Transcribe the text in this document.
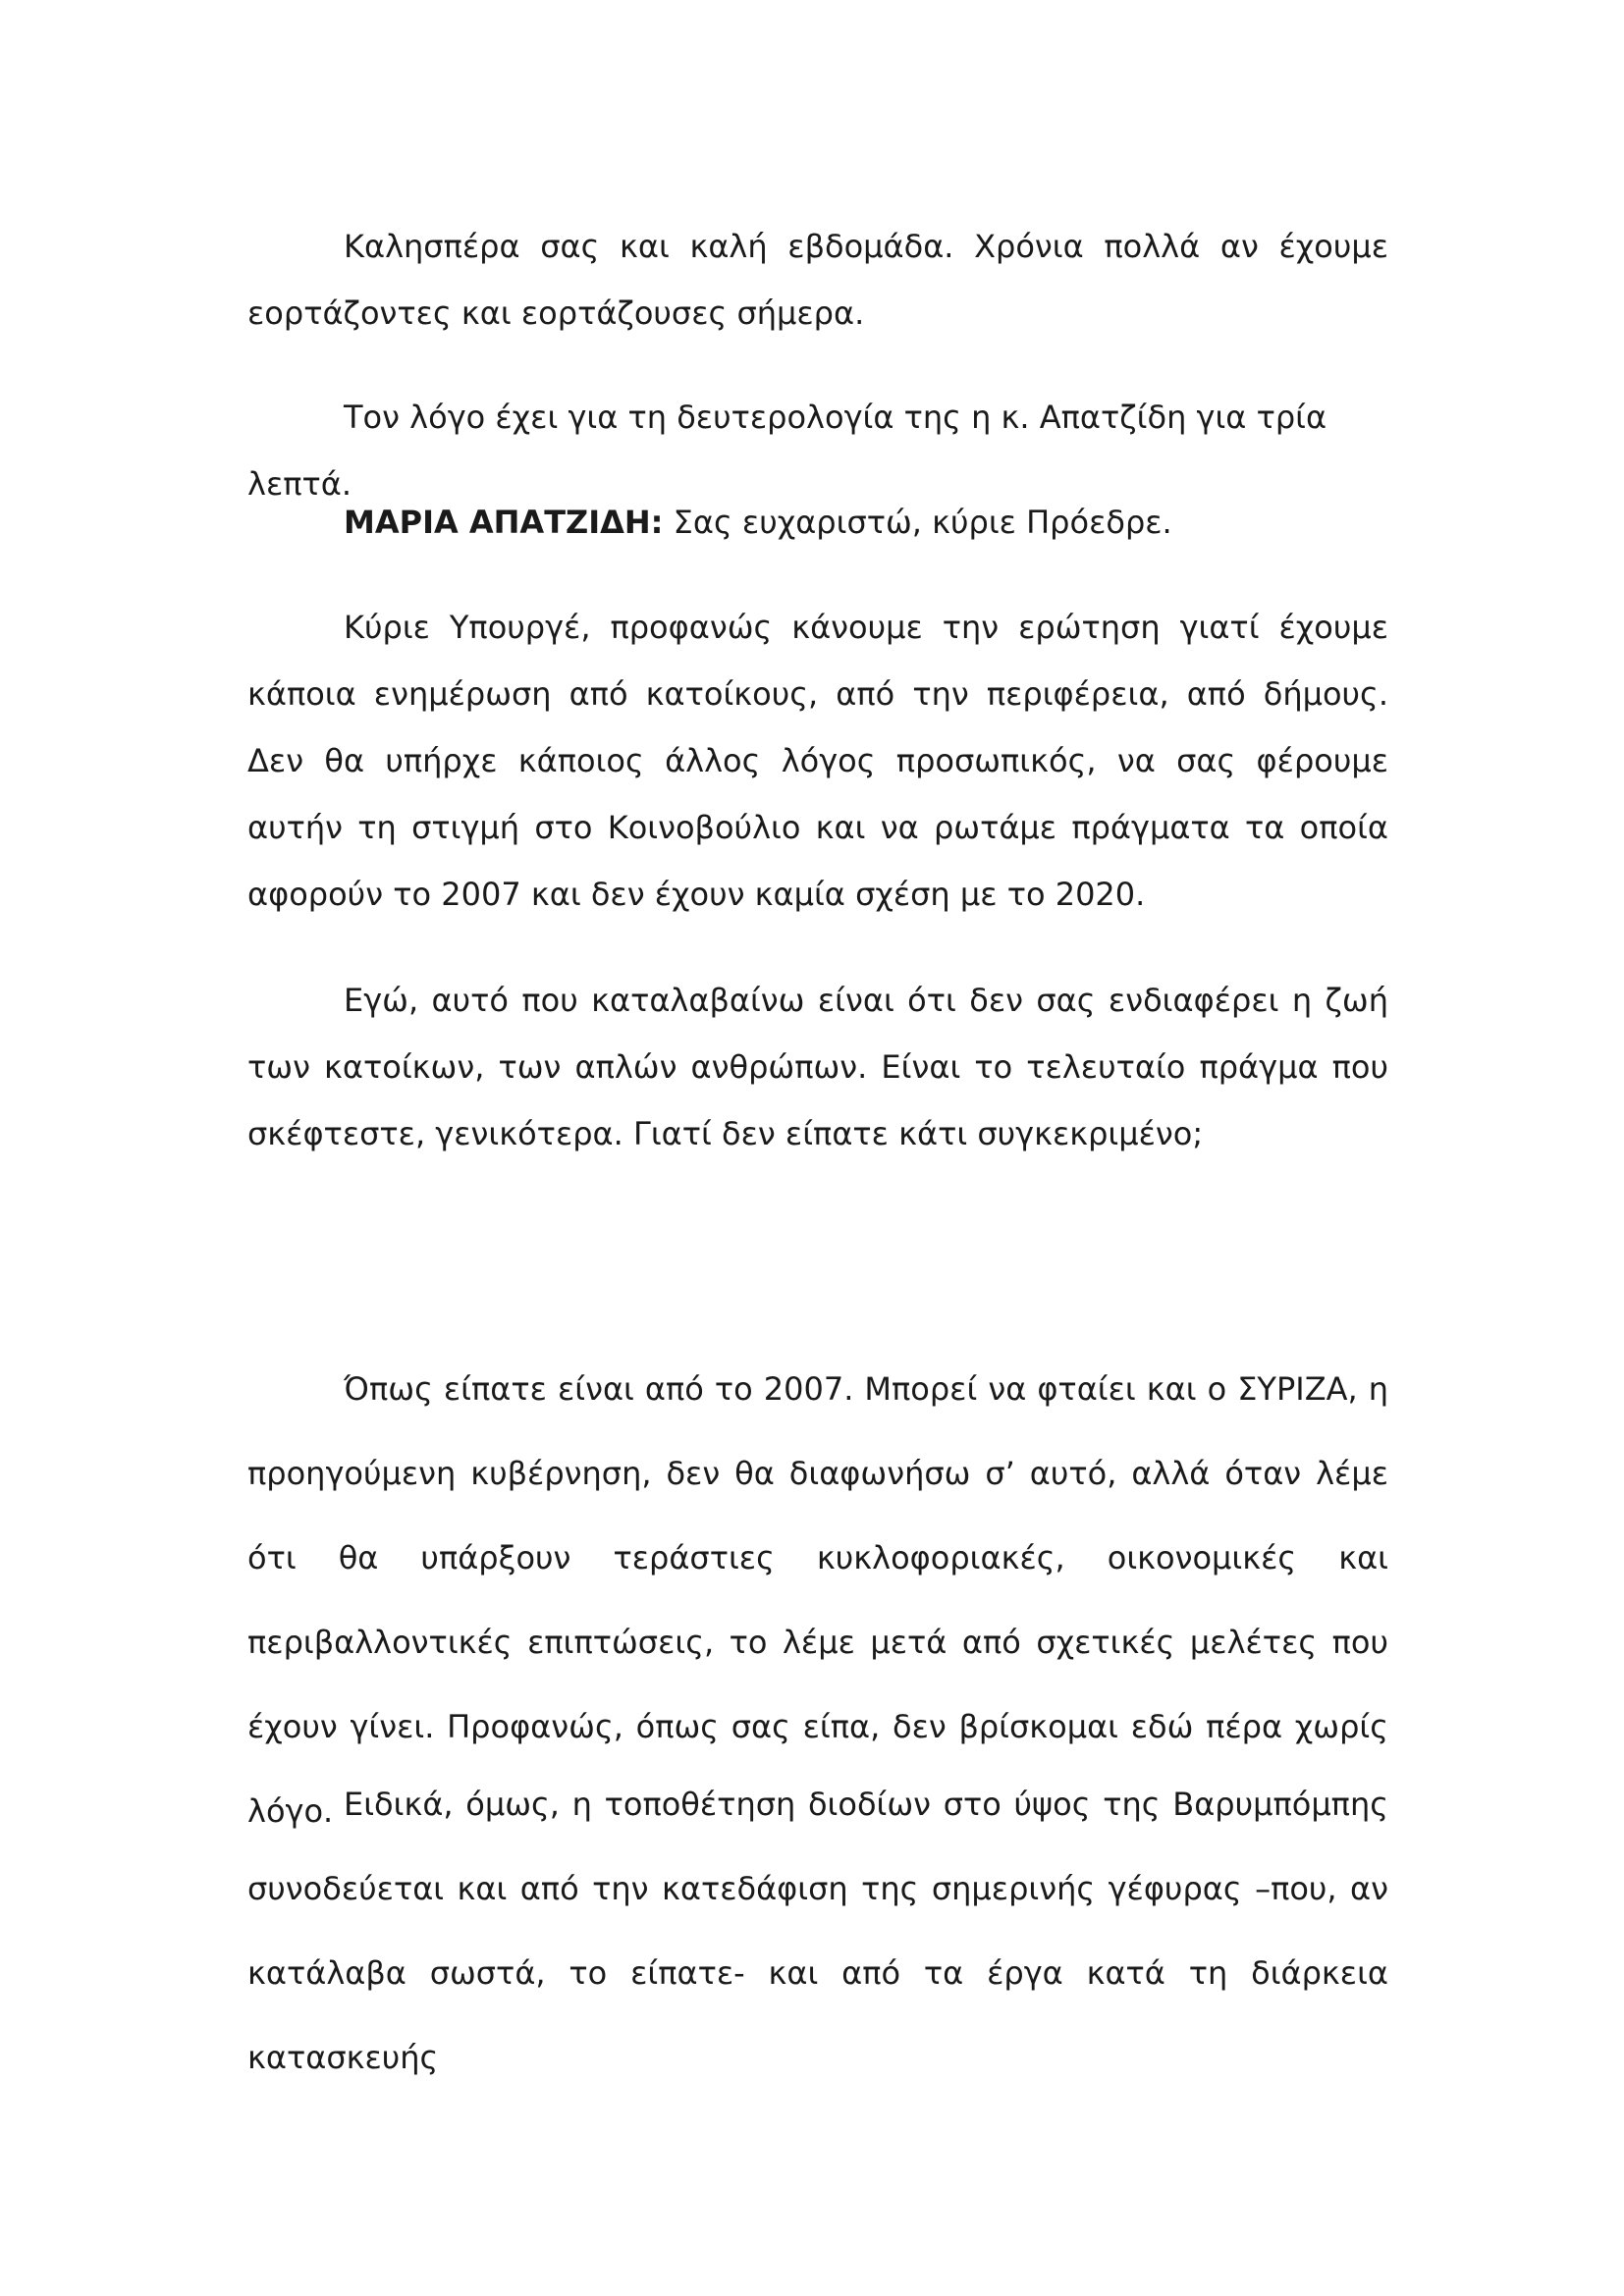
Καλησπέρα σας και καλή εβδομάδα. Χρόνια πολλά αν έχουμε εορτάζοντες και εορτάζουσες σήμερα.

Τον λόγο έχει για τη δευτερολογία της η κ. Απατζίδη για τρία λεπτά.

ΜΑΡΙΑ ΑΠΑΤΖΙΔΗ: Σας ευχαριστώ, κύριε Πρόεδρε.

Κύριε Υπουργέ, προφανώς κάνουμε την ερώτηση γιατί έχουμε κάποια ενημέρωση από κατοίκους, από την περιφέρεια, από δήμους. Δεν θα υπήρχε κάποιος άλλος λόγος προσωπικός, να σας φέρουμε αυτήν τη στιγμή στο Κοινοβούλιο και να ρωτάμε πράγματα τα οποία αφορούν το 2007 και δεν έχουν καμία σχέση με το 2020.

Εγώ, αυτό που καταλαβαίνω είναι ότι δεν σας ενδιαφέρει η ζωή των κατοίκων, των απλών ανθρώπων. Είναι το τελευταίο πράγμα που σκέφτεστε, γενικότερα. Γιατί δεν είπατε κάτι συγκεκριμένο;

Όπως είπατε είναι από το 2007. Μπορεί να φταίει και ο ΣΥΡΙΖΑ, η προηγούμενη κυβέρνηση, δεν θα διαφωνήσω σ’ αυτό, αλλά όταν λέμε ότι θα υπάρξουν τεράστιες κυκλοφοριακές, οικονομικές και περιβαλλοντικές επιπτώσεις, το λέμε μετά από σχετικές μελέτες που έχουν γίνει. Προφανώς, όπως σας είπα, δεν βρίσκομαι εδώ πέρα χωρίς λόγο. Ειδικά, όμως, η τοποθέτηση διοδίων στο ύψος της Βαρυμπόμπης συνοδεύεται και από την κατεδάφιση της σημερινής γέφυρας –που, αν κατάλαβα σωστά, το είπατε- και από τα έργα κατά τη διάρκεια κατασκευής
